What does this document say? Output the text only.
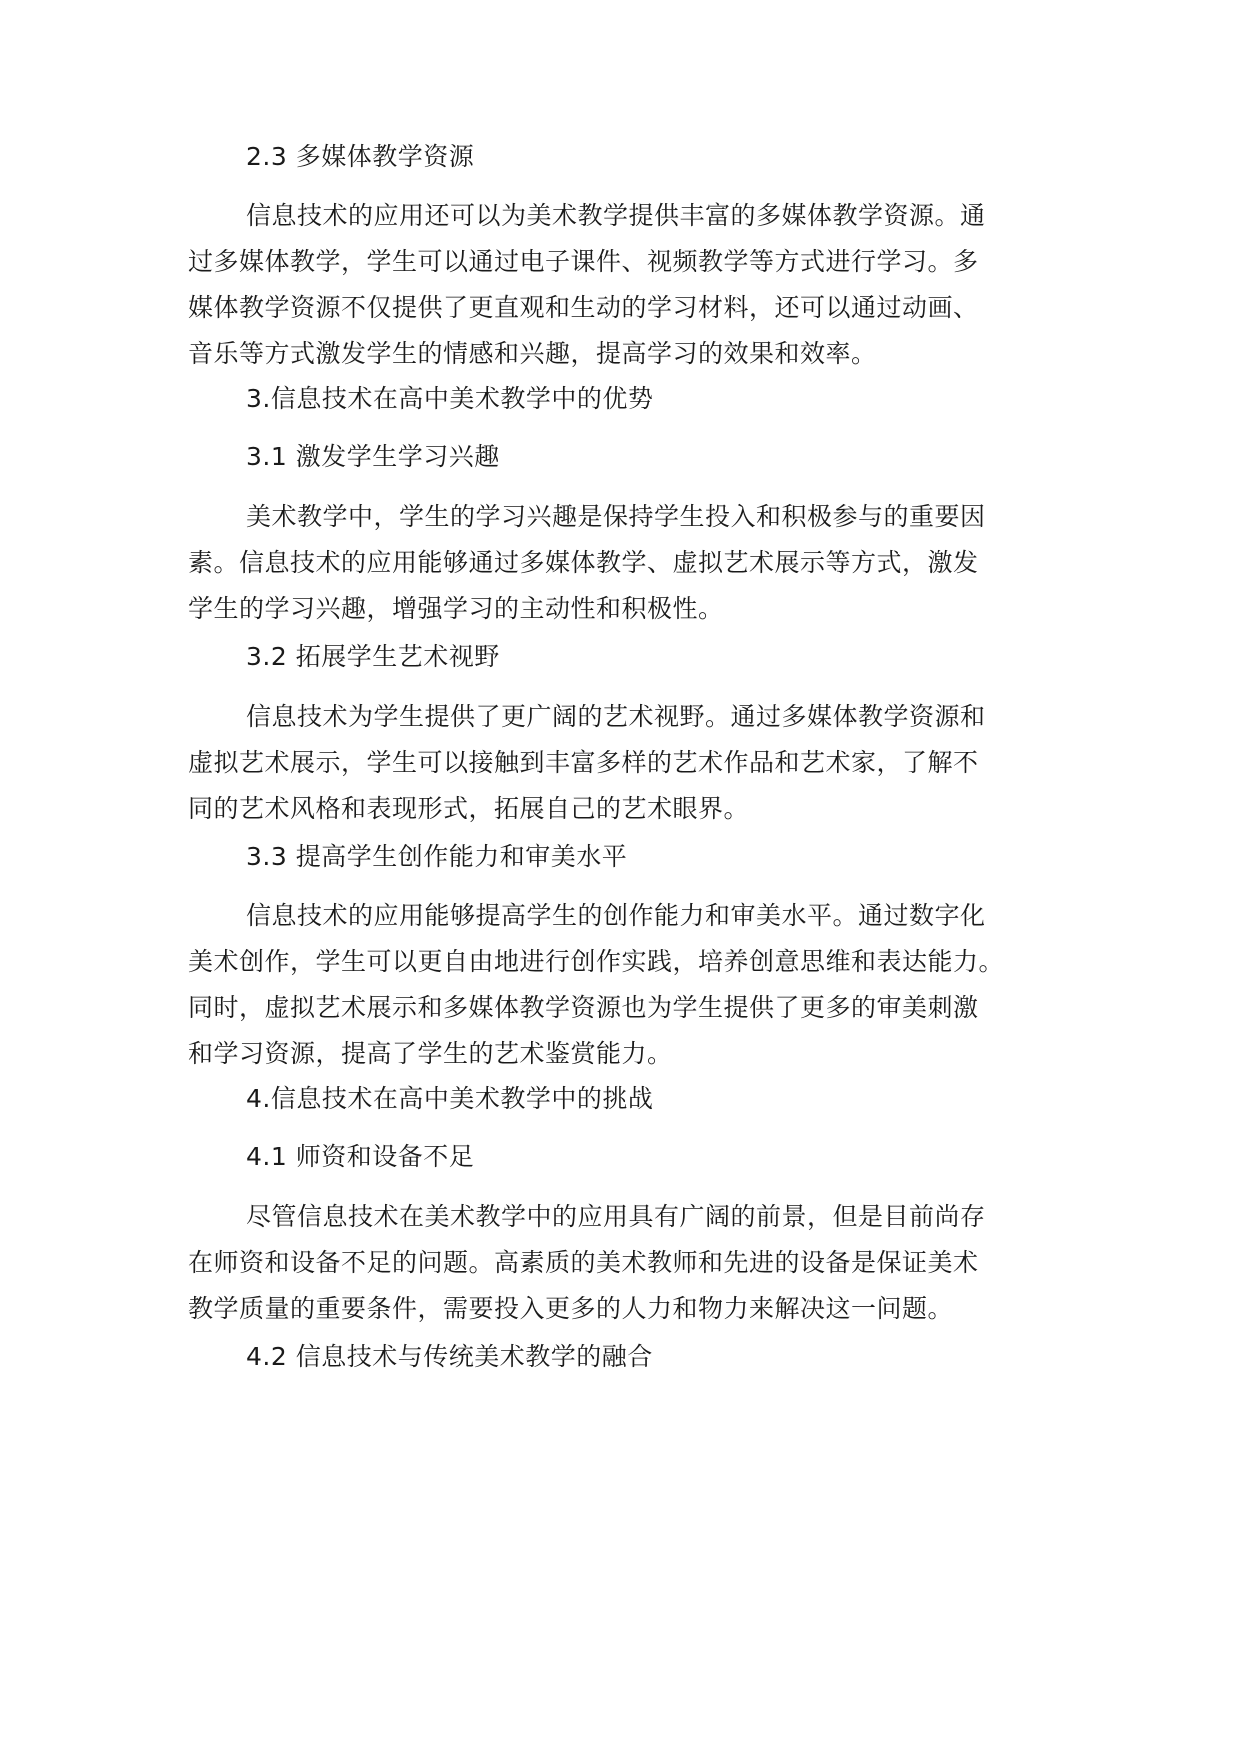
2.3 多媒体教学资源
信息技术的应用还可以为美术教学提供丰富的多媒体教学资源。通
过多媒体教学，学生可以通过电子课件、视频教学等方式进行学习。多
媒体教学资源不仅提供了更直观和生动的学习材料，还可以通过动画、
音乐等方式激发学生的情感和兴趣，提高学习的效果和效率。
3.信息技术在高中美术教学中的优势
3.1 激发学生学习兴趣
美术教学中，学生的学习兴趣是保持学生投入和积极参与的重要因
素。信息技术的应用能够通过多媒体教学、虚拟艺术展示等方式，激发
学生的学习兴趣，增强学习的主动性和积极性。
3.2 拓展学生艺术视野
信息技术为学生提供了更广阔的艺术视野。通过多媒体教学资源和
虚拟艺术展示，学生可以接触到丰富多样的艺术作品和艺术家，了解不
同的艺术风格和表现形式，拓展自己的艺术眼界。
3.3 提高学生创作能力和审美水平
信息技术的应用能够提高学生的创作能力和审美水平。通过数字化
美术创作，学生可以更自由地进行创作实践，培养创意思维和表达能力。
同时，虚拟艺术展示和多媒体教学资源也为学生提供了更多的审美刺激
和学习资源，提高了学生的艺术鉴赏能力。
4.信息技术在高中美术教学中的挑战
4.1 师资和设备不足
尽管信息技术在美术教学中的应用具有广阔的前景，但是目前尚存
在师资和设备不足的问题。高素质的美术教师和先进的设备是保证美术
教学质量的重要条件，需要投入更多的人力和物力来解决这一问题。
4.2 信息技术与传统美术教学的融合
